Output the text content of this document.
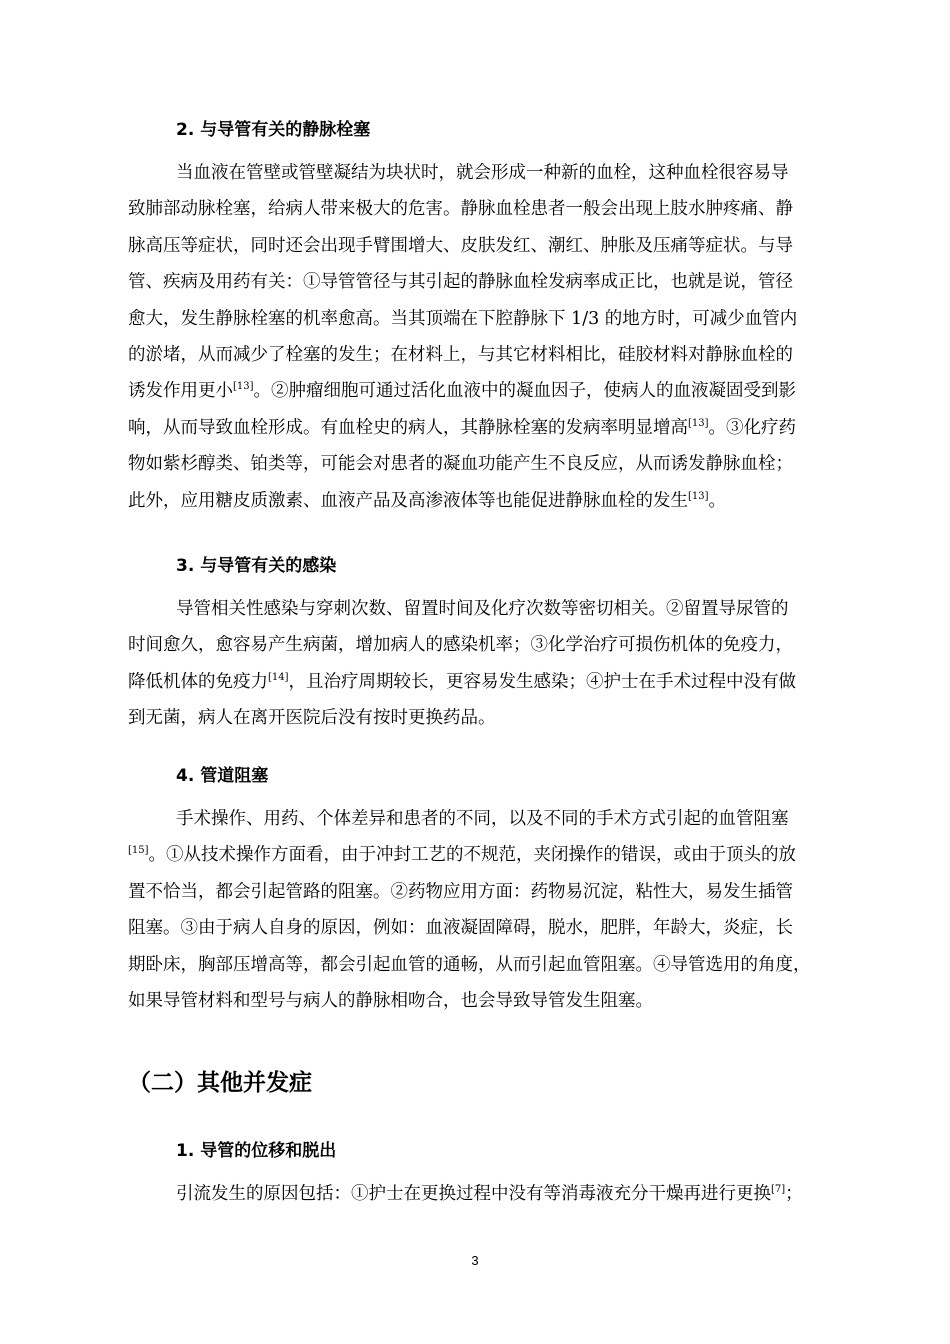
2. 与导管有关的静脉栓塞
当血液在管壁或管壁凝结为块状时，就会形成一种新的血栓，这种血栓很容易导
致肺部动脉栓塞，给病人带来极大的危害。静脉血栓患者一般会出现上肢水肿疼痛、静
脉高压等症状，同时还会出现手臂围增大、皮肤发红、潮红、肿胀及压痛等症状。与导
管、疾病及用药有关：①导管管径与其引起的静脉血栓发病率成正比，也就是说，管径
愈大，发生静脉栓塞的机率愈高。当其顶端在下腔静脉下 1/3 的地方时，可减少血管内
的淤堵，从而减少了栓塞的发生；在材料上，与其它材料相比，硅胶材料对静脉血栓的
诱发作用更小[13]。②肿瘤细胞可通过活化血液中的凝血因子，使病人的血液凝固受到影
响，从而导致血栓形成。有血栓史的病人，其静脉栓塞的发病率明显增高[13]。③化疗药
物如紫杉醇类、铂类等，可能会对患者的凝血功能产生不良反应，从而诱发静脉血栓；
此外，应用糖皮质激素、血液产品及高渗液体等也能促进静脉血栓的发生[13]。
3. 与导管有关的感染
导管相关性感染与穿刺次数、留置时间及化疗次数等密切相关。②留置导尿管的
时间愈久，愈容易产生病菌，增加病人的感染机率；③化学治疗可损伤机体的免疫力，
降低机体的免疫力[14]，且治疗周期较长，更容易发生感染；④护士在手术过程中没有做
到无菌，病人在离开医院后没有按时更换药品。
4. 管道阻塞
手术操作、用药、个体差异和患者的不同，以及不同的手术方式引起的血管阻塞
[15]。①从技术操作方面看，由于冲封工艺的不规范，夹闭操作的错误，或由于顶头的放
置不恰当，都会引起管路的阻塞。②药物应用方面：药物易沉淀，粘性大，易发生插管
阻塞。③由于病人自身的原因，例如：血液凝固障碍，脱水，肥胖，年龄大，炎症，长
期卧床，胸部压增高等，都会引起血管的通畅，从而引起血管阻塞。④导管选用的角度，
如果导管材料和型号与病人的静脉相吻合，也会导致导管发生阻塞。
（二）其他并发症
1. 导管的位移和脱出
引流发生的原因包括：①护士在更换过程中没有等消毒液充分干燥再进行更换[7]；
3
